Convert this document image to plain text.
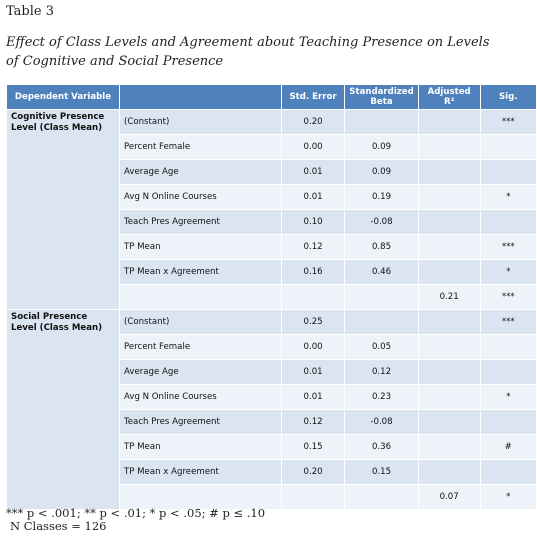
Table 3
Effect of Class Levels and Agreement about Teaching Presence on Levels of Cognitive and Social Presence
Dependent Variable		Std. Error	Standardized Beta	Adjusted R²	Sig.
Cognitive Presence Level (Class Mean)	(Constant)	0.20			***
	Percent Female	0.00	0.09		
	Average Age	0.01	0.09		
	Avg N Online Courses	0.01	0.19		*
	Teach Pres Agreement	0.10	-0.08		
	TP Mean	0.12	0.85		***
	TP Mean x Agreement	0.16	0.46		*
				0.21	***
Social Presence Level (Class Mean)	(Constant)	0.25			***
	Percent Female	0.00	0.05		
	Average Age	0.01	0.12		
	Avg N Online Courses	0.01	0.23		*
	Teach Pres Agreement	0.12	-0.08		
	TP Mean	0.15	0.36		#
	TP Mean x Agreement	0.20	0.15		
				0.07	*
*** p < .001; ** p < .01; * p < .05; # p ≤ .10
N Classes = 126
